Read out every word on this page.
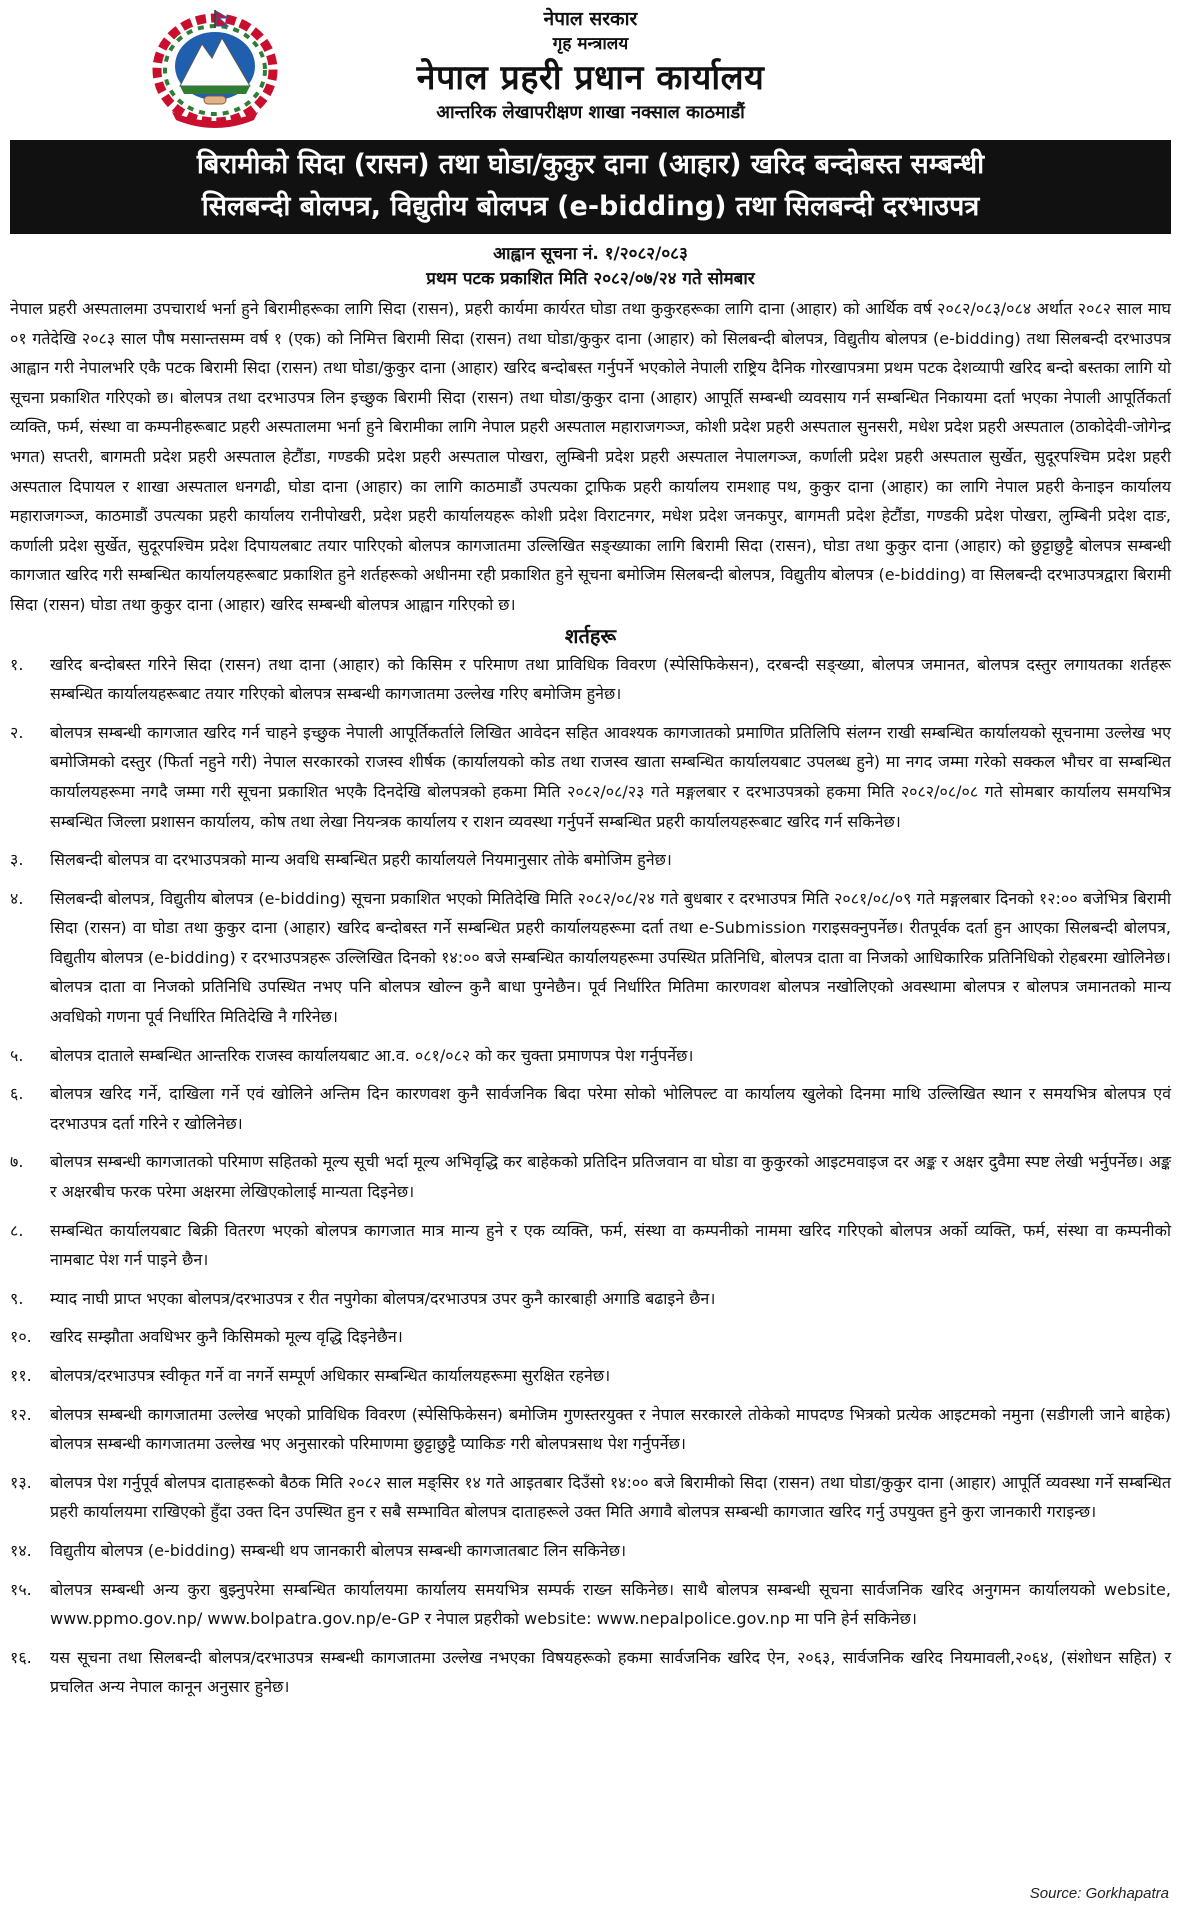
नेपाल सरकार
गृह मन्त्रालय
नेपाल प्रहरी प्रधान कार्यालय
आन्तरिक लेखापरीक्षण शाखा नक्साल काठमाडौं
बिरामीको सिदा (रासन) तथा घोडा/कुकुर दाना (आहार) खरिद बन्दोबस्त सम्बन्धी
सिलबन्दी बोलपत्र, विद्युतीय बोलपत्र (e-bidding) तथा सिलबन्दी दरभाउपत्र
आह्वान सूचना नं. १/२०८२/०८३
प्रथम पटक प्रकाशित मिति २०८२/०७/२४ गते सोमबार

नेपाल प्रहरी अस्पतालमा उपचारार्थ भर्ना हुने बिरामीहरूका लागि सिदा (रासन), प्रहरी कार्यमा कार्यरत घोडा तथा कुकुरहरूका लागि दाना (आहार) को आर्थिक वर्ष २०८२/०८३/०८४ अर्थात २०८२ साल माघ ०१ गतेदेखि २०८३ साल पौष मसान्तसम्म वर्ष १ (एक) को निमित्त बिरामी सिदा (रासन) तथा घोडा/कुकुर दाना (आहार) को सिलबन्दी बोलपत्र, विद्युतीय बोलपत्र (e-bidding) तथा सिलबन्दी दरभाउपत्र आह्वान गरी नेपालभरि एकै पटक बिरामी सिदा (रासन) तथा घोडा/कुकुर दाना (आहार) खरिद बन्दोबस्त गर्नुपर्ने भएकोले नेपाली राष्ट्रिय दैनिक गोरखापत्रमा प्रथम पटक देशव्यापी खरिद बन्दो बस्तका लागि यो सूचना प्रकाशित गरिएको छ। बोलपत्र तथा दरभाउपत्र लिन इच्छुक बिरामी सिदा (रासन) तथा घोडा/कुकुर दाना (आहार) आपूर्ति सम्बन्धी व्यवसाय गर्न सम्बन्धित निकायमा दर्ता भएका नेपाली आपूर्तिकर्ता व्यक्ति, फर्म, संस्था वा कम्पनीहरूबाट प्रहरी अस्पतालमा भर्ना हुने बिरामीका लागि नेपाल प्रहरी अस्पताल महाराजगञ्ज, कोशी प्रदेश प्रहरी अस्पताल सुनसरी, मधेश प्रदेश प्रहरी अस्पताल (ठाकोदेवी-जोगेन्द्र भगत) सप्तरी, बागमती प्रदेश प्रहरी अस्पताल हेटौंडा, गण्डकी प्रदेश प्रहरी अस्पताल पोखरा, लुम्बिनी प्रदेश प्रहरी अस्पताल नेपालगञ्ज, कर्णाली प्रदेश प्रहरी अस्पताल सुर्खेत, सुदूरपश्चिम प्रदेश प्रहरी अस्पताल दिपायल र शाखा अस्पताल धनगढी, घोडा दाना (आहार) का लागि काठमाडौं उपत्यका ट्राफिक प्रहरी कार्यालय रामशाह पथ, कुकुर दाना (आहार) का लागि नेपाल प्रहरी केनाइन कार्यालय महाराजगञ्ज, काठमाडौं उपत्यका प्रहरी कार्यालय रानीपोखरी, प्रदेश प्रहरी कार्यालयहरू कोशी प्रदेश विराटनगर, मधेश प्रदेश जनकपुर, बागमती प्रदेश हेटौंडा, गण्डकी प्रदेश पोखरा, लुम्बिनी प्रदेश दाङ, कर्णाली प्रदेश सुर्खेत, सुदूरपश्चिम प्रदेश दिपायलबाट तयार पारिएको बोलपत्र कागजातमा उल्लिखित सङ्ख्याका लागि बिरामी सिदा (रासन), घोडा तथा कुकुर दाना (आहार) को छुट्टाछुट्टै बोलपत्र सम्बन्धी कागजात खरिद गरी सम्बन्धित कार्यालयहरूबाट प्रकाशित हुने शर्तहरूको अधीनमा रही प्रकाशित हुने सूचना बमोजिम सिलबन्दी बोलपत्र, विद्युतीय बोलपत्र (e-bidding) वा सिलबन्दी दरभाउपत्रद्वारा बिरामी सिदा (रासन) घोडा तथा कुकुर दाना (आहार) खरिद सम्बन्धी बोलपत्र आह्वान गरिएको छ।

शर्तहरू
१.	खरिद बन्दोबस्त गरिने सिदा (रासन) तथा दाना (आहार) को किसिम र परिमाण तथा प्राविधिक विवरण (स्पेसिफिकेसन), दरबन्दी सङ्ख्या, बोलपत्र जमानत, बोलपत्र दस्तुर लगायतका शर्तहरू सम्बन्धित कार्यालयहरूबाट तयार गरिएको बोलपत्र सम्बन्धी कागजातमा उल्लेख गरिए बमोजिम हुनेछ।
२.	बोलपत्र सम्बन्धी कागजात खरिद गर्न चाहने इच्छुक नेपाली आपूर्तिकर्ताले लिखित आवेदन सहित आवश्यक कागजातको प्रमाणित प्रतिलिपि संलग्न राखी सम्बन्धित कार्यालयको सूचनामा उल्लेख भए बमोजिमको दस्तुर (फिर्ता नहुने गरी) नेपाल सरकारको राजस्व शीर्षक (कार्यालयको कोड तथा राजस्व खाता सम्बन्धित कार्यालयबाट उपलब्ध हुने) मा नगद जम्मा गरेको सक्कल भौचर वा सम्बन्धित कार्यालयहरूमा नगदै जम्मा गरी सूचना प्रकाशित भएकै दिनदेखि बोलपत्रको हकमा मिति २०८२/०८/२३ गते मङ्गलबार र दरभाउपत्रको हकमा मिति २०८२/०८/०८ गते सोमबार कार्यालय समयभित्र सम्बन्धित जिल्ला प्रशासन कार्यालय, कोष तथा लेखा नियन्त्रक कार्यालय र राशन व्यवस्था गर्नुपर्ने सम्बन्धित प्रहरी कार्यालयहरूबाट खरिद गर्न सकिनेछ।
३.	सिलबन्दी बोलपत्र वा दरभाउपत्रको मान्य अवधि सम्बन्धित प्रहरी कार्यालयले नियमानुसार तोके बमोजिम हुनेछ।
४.	सिलबन्दी बोलपत्र, विद्युतीय बोलपत्र (e-bidding) सूचना प्रकाशित भएको मितिदेखि मिति २०८२/०८/२४ गते बुधबार र दरभाउपत्र मिति २०८१/०८/०९ गते मङ्गलबार दिनको १२:०० बजेभित्र बिरामी सिदा (रासन) वा घोडा तथा कुकुर दाना (आहार) खरिद बन्दोबस्त गर्ने सम्बन्धित प्रहरी कार्यालयहरूमा दर्ता तथा e-Submission गराइसक्नुपर्नेछ। रीतपूर्वक दर्ता हुन आएका सिलबन्दी बोलपत्र, विद्युतीय बोलपत्र (e-bidding) र दरभाउपत्रहरू उल्लिखित दिनको १४:०० बजे सम्बन्धित कार्यालयहरूमा उपस्थित प्रतिनिधि, बोलपत्र दाता वा निजको आधिकारिक प्रतिनिधिको रोहबरमा खोलिनेछ। बोलपत्र दाता वा निजको प्रतिनिधि उपस्थित नभए पनि बोलपत्र खोल्न कुनै बाधा पुग्नेछैन। पूर्व निर्धारित मितिमा कारणवश बोलपत्र नखोलिएको अवस्थामा बोलपत्र र बोलपत्र जमानतको मान्य अवधिको गणना पूर्व निर्धारित मितिदेखि नै गरिनेछ।
५.	बोलपत्र दाताले सम्बन्धित आन्तरिक राजस्व कार्यालयबाट आ.व. ०८१/०८२ को कर चुक्ता प्रमाणपत्र पेश गर्नुपर्नेछ।
६.	बोलपत्र खरिद गर्ने, दाखिला गर्ने एवं खोलिने अन्तिम दिन कारणवश कुनै सार्वजनिक बिदा परेमा सोको भोलिपल्ट वा कार्यालय खुलेको दिनमा माथि उल्लिखित स्थान र समयभित्र बोलपत्र एवं दरभाउपत्र दर्ता गरिने र खोलिनेछ।
७.	बोलपत्र सम्बन्धी कागजातको परिमाण सहितको मूल्य सूची भर्दा मूल्य अभिवृद्धि कर बाहेकको प्रतिदिन प्रतिजवान वा घोडा वा कुकुरको आइटमवाइज दर अङ्क र अक्षर दुवैमा स्पष्ट लेखी भर्नुपर्नेछ। अङ्क र अक्षरबीच फरक परेमा अक्षरमा लेखिएकोलाई मान्यता दिइनेछ।
८.	सम्बन्धित कार्यालयबाट बिक्री वितरण भएको बोलपत्र कागजात मात्र मान्य हुने र एक व्यक्ति, फर्म, संस्था वा कम्पनीको नाममा खरिद गरिएको बोलपत्र अर्को व्यक्ति, फर्म, संस्था वा कम्पनीको नामबाट पेश गर्न पाइने छैन।
९.	म्याद नाघी प्राप्त भएका बोलपत्र/दरभाउपत्र र रीत नपुगेका बोलपत्र/दरभाउपत्र उपर कुनै कारबाही अगाडि बढाइने छैन।
१०.	खरिद सम्झौता अवधिभर कुनै किसिमको मूल्य वृद्धि दिइनेछैन।
११.	बोलपत्र/दरभाउपत्र स्वीकृत गर्ने वा नगर्ने सम्पूर्ण अधिकार सम्बन्धित कार्यालयहरूमा सुरक्षित रहनेछ।
१२.	बोलपत्र सम्बन्धी कागजातमा उल्लेख भएको प्राविधिक विवरण (स्पेसिफिकेसन) बमोजिम गुणस्तरयुक्त र नेपाल सरकारले तोकेको मापदण्ड भित्रको प्रत्येक आइटमको नमुना (सडीगली जाने बाहेक) बोलपत्र सम्बन्धी कागजातमा उल्लेख भए अनुसारको परिमाणमा छुट्टाछुट्टै प्याकिङ गरी बोलपत्रसाथ पेश गर्नुपर्नेछ।
१३.	बोलपत्र पेश गर्नुपूर्व बोलपत्र दाताहरूको बैठक मिति २०८२ साल मङ्सिर १४ गते आइतबार दिउँसो १४:०० बजे बिरामीको सिदा (रासन) तथा घोडा/कुकुर दाना (आहार) आपूर्ति व्यवस्था गर्ने सम्बन्धित प्रहरी कार्यालयमा राखिएको हुँदा उक्त दिन उपस्थित हुन र सबै सम्भावित बोलपत्र दाताहरूले उक्त मिति अगावै बोलपत्र सम्बन्धी कागजात खरिद गर्नु उपयुक्त हुने कुरा जानकारी गराइन्छ।
१४.	विद्युतीय बोलपत्र (e-bidding) सम्बन्धी थप जानकारी बोलपत्र सम्बन्धी कागजातबाट लिन सकिनेछ।
१५.	बोलपत्र सम्बन्धी अन्य कुरा बुझ्नुपरेमा सम्बन्धित कार्यालयमा कार्यालय समयभित्र सम्पर्क राख्न सकिनेछ। साथै बोलपत्र सम्बन्धी सूचना सार्वजनिक खरिद अनुगमन कार्यालयको website, www.ppmo.gov.np/ www.bolpatra.gov.np/e-GP र नेपाल प्रहरीको website: www.nepalpolice.gov.np मा पनि हेर्न सकिनेछ।
१६.	यस सूचना तथा सिलबन्दी बोलपत्र/दरभाउपत्र सम्बन्धी कागजातमा उल्लेख नभएका विषयहरूको हकमा सार्वजनिक खरिद ऐन, २०६३, सार्वजनिक खरिद नियमावली,२०६४, (संशोधन सहित) र प्रचलित अन्य नेपाल कानून अनुसार हुनेछ।
Source: Gorkhapatra
